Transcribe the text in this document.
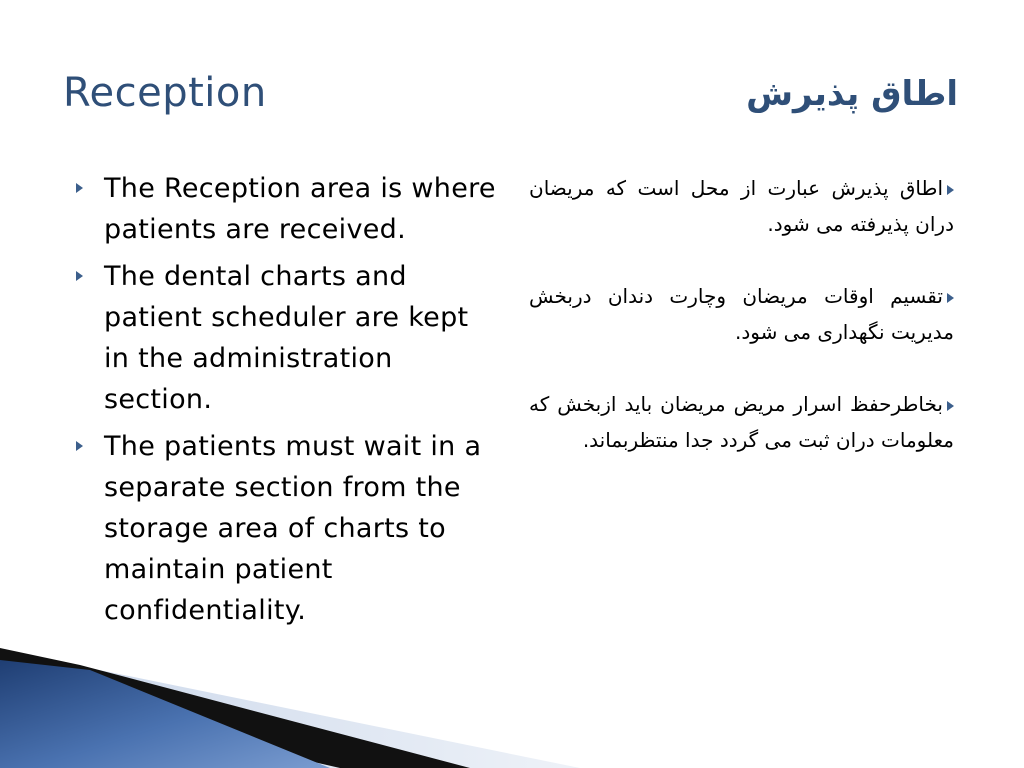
Reception	اطاق پذیرش
The Reception area is where patients are received.
The dental charts and patient scheduler are kept in the administration section.
The patients must wait in a separate section from the storage area of charts to maintain patient confidentiality.
اطاق پذیرش عبارت از محل است که مریضان دران پذیرفته می شود.
تقسیم اوقات مریضان وچارت دندان دربخش مدیریت نگهداری می شود.
بخاطرحفظ اسرار مریض مریضان باید ازبخش که معلومات دران ثبت می گردد جدا منتظربماند.
